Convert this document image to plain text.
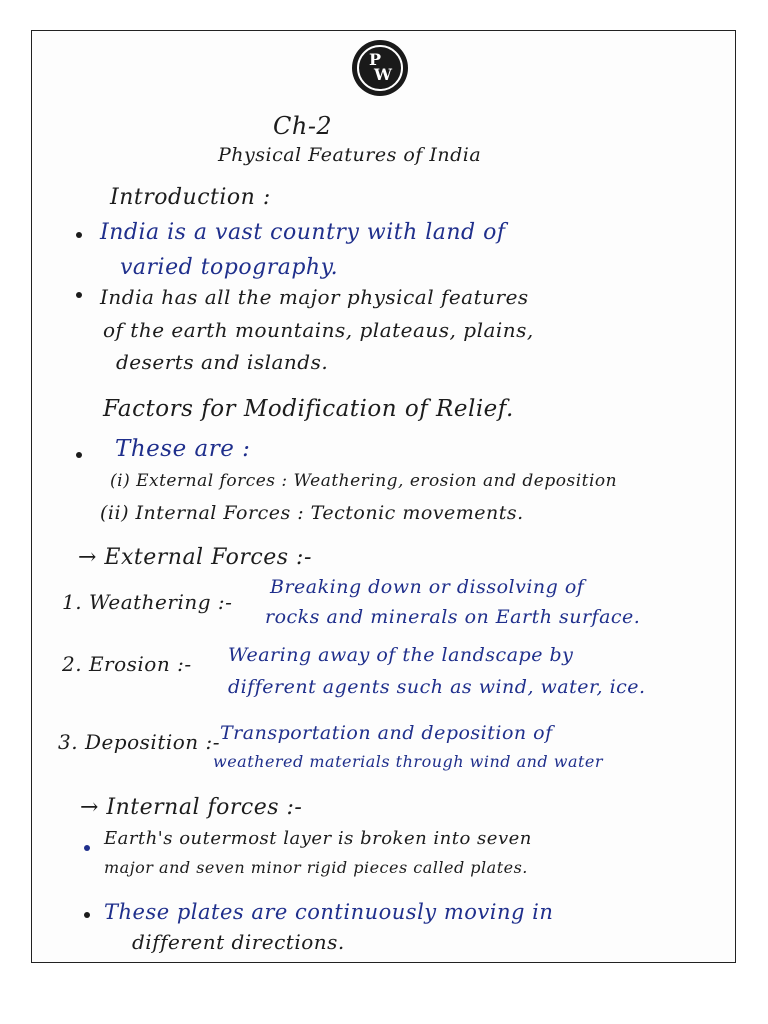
P
W
Ch-2
Physical Features of India
Introduction :
India is a vast country with land of
varied topography.
India has all the major physical features
of the earth mountains, plateaus, plains,
deserts and islands.
Factors for Modification of Relief.
These are :
(i) External forces : Weathering, erosion and deposition
(ii) Internal Forces : Tectonic movements.
→ External Forces :-
1. Weathering :-
Breaking down or dissolving of
rocks and minerals on Earth surface.
2. Erosion :- Wearing away of the landscape by
different agents such as wind, water, ice.
3. Deposition :- Transportation and deposition of
weathered materials through wind and water
→ Internal forces :-
Earth's outermost layer is broken into seven
major and seven minor rigid pieces called plates.
These plates are continuously moving in
different directions.
